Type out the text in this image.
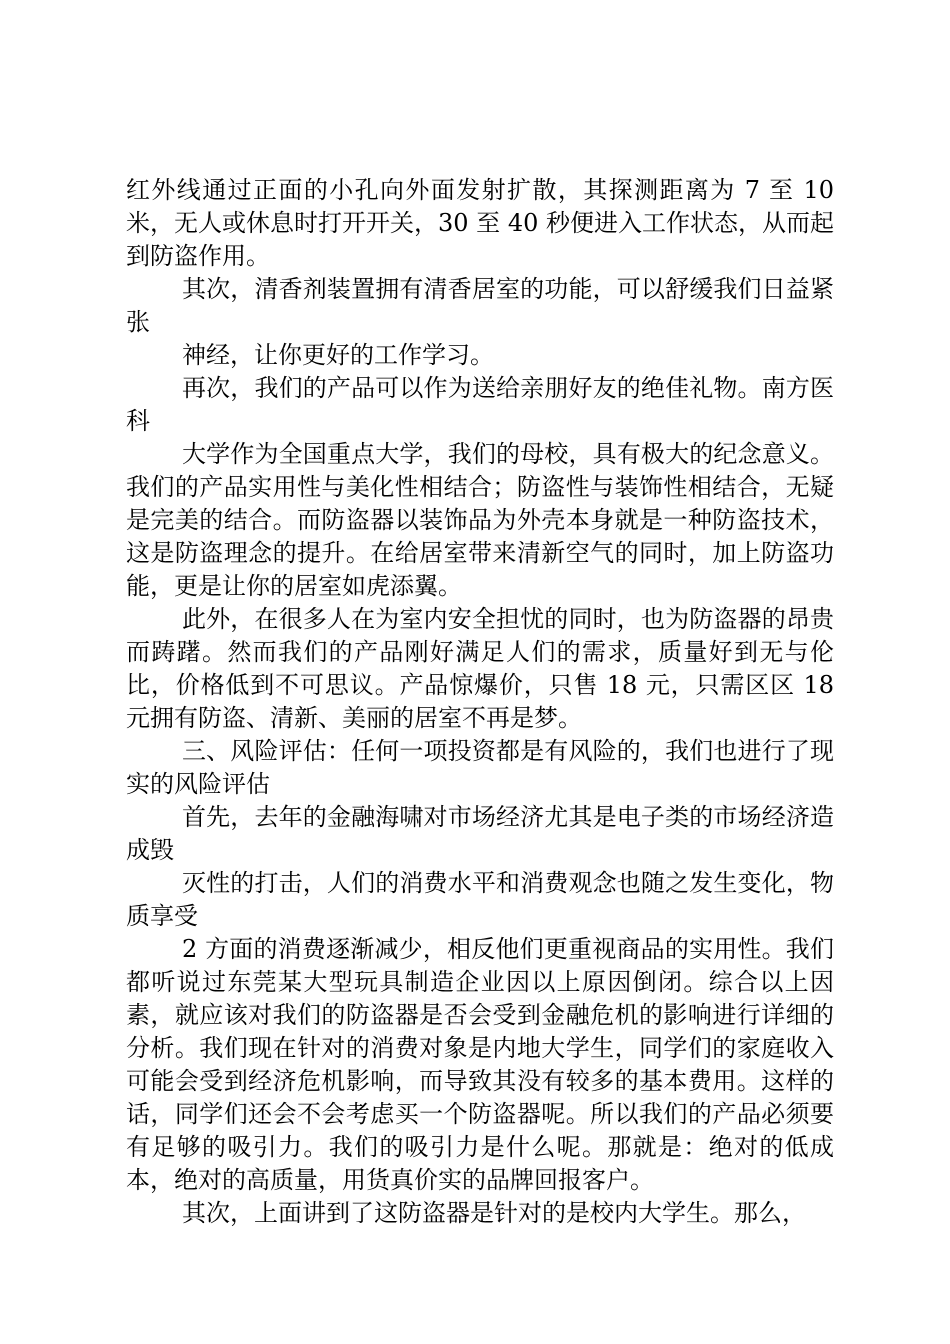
红外线通过正面的小孔向外面发射扩散，其探测距离为 7 至 10 米，无人或休息时打开开关，30 至 40 秒便进入工作状态，从而起到防盗作用。

其次，清香剂装置拥有清香居室的功能，可以舒缓我们日益紧张

神经，让你更好的工作学习。

再次，我们的产品可以作为送给亲朋好友的绝佳礼物。南方医科

大学作为全国重点大学，我们的母校，具有极大的纪念意义。我们的产品实用性与美化性相结合；防盗性与装饰性相结合，无疑是完美的结合。而防盗器以装饰品为外壳本身就是一种防盗技术，这是防盗理念的提升。在给居室带来清新空气的同时，加上防盗功能，更是让你的居室如虎添翼。

此外，在很多人在为室内安全担忧的同时，也为防盗器的昂贵而踌躇。然而我们的产品刚好满足人们的需求，质量好到无与伦比，价格低到不可思议。产品惊爆价，只售 18 元，只需区区 18 元拥有防盗、清新、美丽的居室不再是梦。

三、风险评估：任何一项投资都是有风险的，我们也进行了现实的风险评估

首先，去年的金融海啸对市场经济尤其是电子类的市场经济造成毁

灭性的打击，人们的消费水平和消费观念也随之发生变化，物质享受

2 方面的消费逐渐减少，相反他们更重视商品的实用性。我们都听说过东莞某大型玩具制造企业因以上原因倒闭。综合以上因素，就应该对我们的防盗器是否会受到金融危机的影响进行详细的分析。我们现在针对的消费对象是内地大学生，同学们的家庭收入可能会受到经济危机影响，而导致其没有较多的基本费用。这样的话，同学们还会不会考虑买一个防盗器呢。所以我们的产品必须要有足够的吸引力。我们的吸引力是什么呢。那就是：绝对的低成本，绝对的高质量，用货真价实的品牌回报客户。

其次，上面讲到了这防盗器是针对的是校内大学生。那么，
